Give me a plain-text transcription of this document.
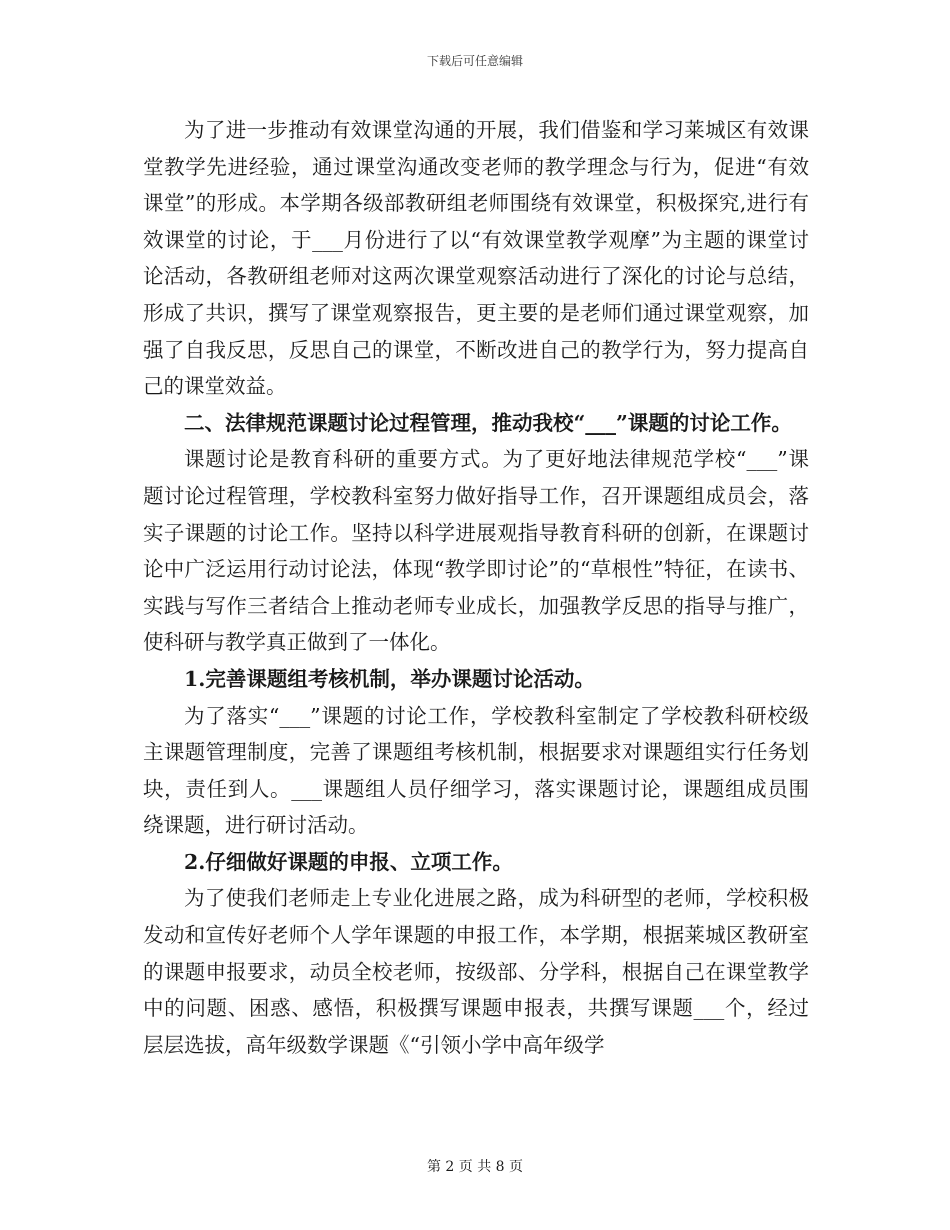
下载后可任意编辑

为了进一步推动有效课堂沟通的开展，我们借鉴和学习莱城区有效课堂教学先进经验，通过课堂沟通改变老师的教学理念与行为，促进“有效课堂”的形成。本学期各级部教研组老师围绕有效课堂，积极探究,进行有效课堂的讨论，于___月份进行了以“有效课堂教学观摩”为主题的课堂讨论活动，各教研组老师对这两次课堂观察活动进行了深化的讨论与总结，形成了共识，撰写了课堂观察报告，更主要的是老师们通过课堂观察，加强了自我反思，反思自己的课堂，不断改进自己的教学行为，努力提高自己的课堂效益。

二、法律规范课题讨论过程管理，推动我校“___”课题的讨论工作。

课题讨论是教育科研的重要方式。为了更好地法律规范学校“___”课题讨论过程管理，学校教科室努力做好指导工作，召开课题组成员会，落实子课题的讨论工作。坚持以科学进展观指导教育科研的创新，在课题讨论中广泛运用行动讨论法，体现“教学即讨论”的“草根性”特征，在读书、实践与写作三者结合上推动老师专业成长，加强教学反思的指导与推广，使科研与教学真正做到了一体化。

1.完善课题组考核机制，举办课题讨论活动。

为了落实“___”课题的讨论工作，学校教科室制定了学校教科研校级主课题管理制度，完善了课题组考核机制，根据要求对课题组实行任务划块，责任到人。___课题组人员仔细学习，落实课题讨论，课题组成员围绕课题，进行研讨活动。

2.仔细做好课题的申报、立项工作。

为了使我们老师走上专业化进展之路，成为科研型的老师，学校积极发动和宣传好老师个人学年课题的申报工作，本学期，根据莱城区教研室的课题申报要求，动员全校老师，按级部、分学科，根据自己在课堂教学中的问题、困惑、感悟，积极撰写课题申报表，共撰写课题___个，经过层层选拔，高年级数学课题《“引领小学中高年级学

第 2 页 共 8 页
